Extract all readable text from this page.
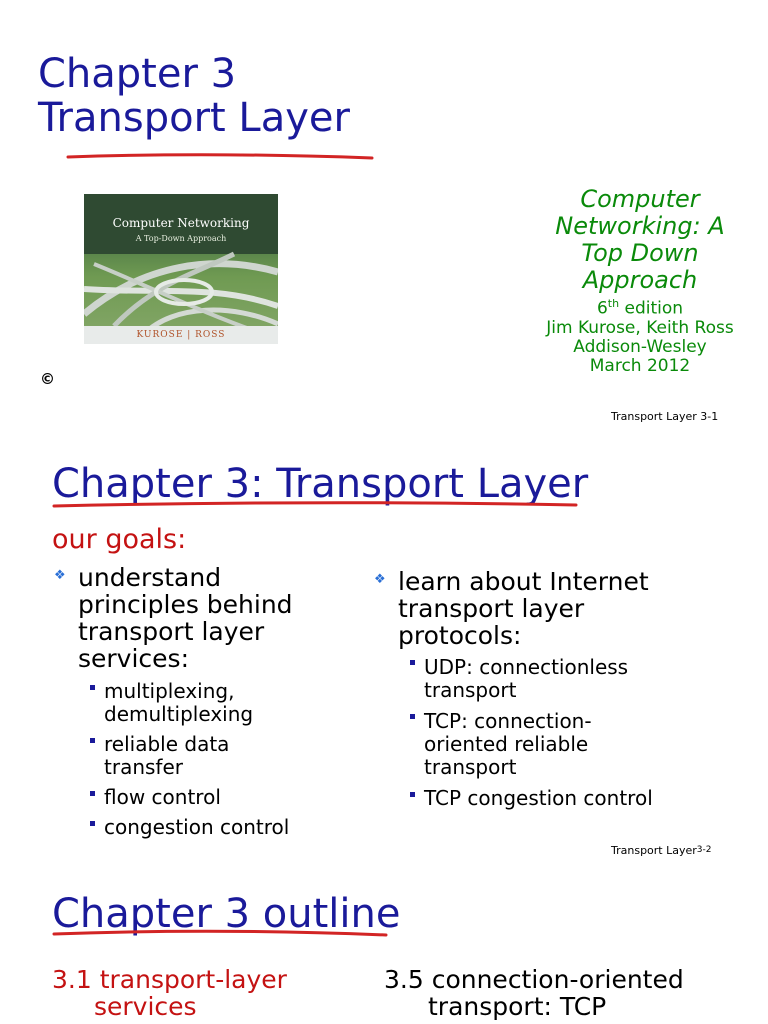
Chapter 3
Transport Layer
Computer Networking
A Top-Down Approach
KUROSE | ROSS
©
Computer
Networking: A
Top Down
Approach
6th edition
Jim Kurose, Keith Ross
Addison-Wesley
March 2012
Transport Layer 3-1
Chapter 3: Transport Layer
our goals:
❖ understand
principles behind
transport layer
services:
multiplexing,
demultiplexing
reliable data
transfer
flow control
congestion control
❖ learn about Internet
transport layer
protocols:
UDP: connectionless
transport
TCP: connection-
oriented reliable
transport
TCP congestion control
Transport Layer3-2
Chapter 3 outline
3.1 transport-layer
services
3.5 connection-oriented
transport: TCP
